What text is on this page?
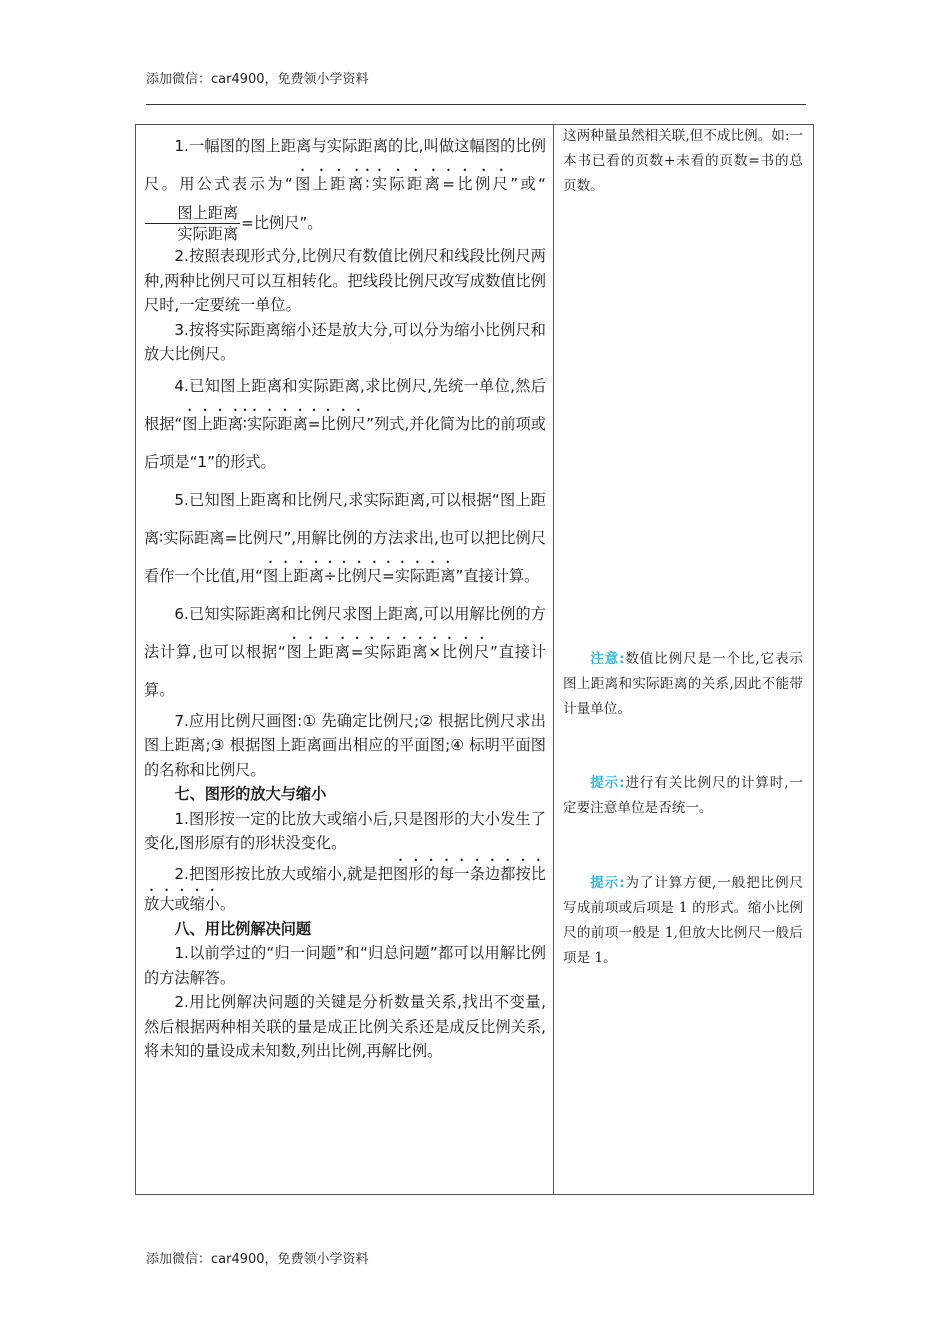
添加微信：car4900，免费领小学资料

1.一幅图的图上距离与实际距离的比,叫做这幅图的比例尺。用公式表示为“图上距离∶实际距离=比例尺”或“
$\frac{\text{图上距离}}{\text{实际距离}}$ =比例尺”。

2.按照表现形式分,比例尺有数值比例尺和线段比例尺两种,两种比例尺可以互相转化。把线段比例尺改写成数值比例尺时,一定要统一单位。

3.按将实际距离缩小还是放大分,可以分为缩小比例尺和放大比例尺。

4.已知图上距离和实际距离,求比例尺,先统一单位,然后根据“图上距离∶实际距离=比例尺”列式,并化简为比的前项或后项是“1”的形式。

5.已知图上距离和比例尺,求实际距离,可以根据“图上距离∶实际距离=比例尺”,用解比例的方法求出,也可以把比例尺看作一个比值,用“图上距离÷比例尺=实际距离”直接计算。

6.已知实际距离和比例尺求图上距离,可以用解比例的方法计算,也可以根据“图上距离=实际距离×比例尺”直接计算。

7.应用比例尺画图:① 先确定比例尺;② 根据比例尺求出图上距离;③ 根据图上距离画出相应的平面图;④ 标明平面图的名称和比例尺。

七、图形的放大与缩小

1.图形按一定的比放大或缩小后,只是图形的大小发生了变化,图形原有的形状没变化。

2.把图形按比放大或缩小,就是把图形的每一条边都按比放大或缩小。

八、用比例解决问题

1.以前学过的“归一问题”和“归总问题”都可以用解比例的方法解答。

2.用比例解决问题的关键是分析数量关系,找出不变量,然后根据两种相关联的量是成正比例关系还是成反比例关系,将未知的量设成未知数,列出比例,再解比例。

这两种量虽然相关联,但不成比例。如:一本书已看的页数+未看的页数=书的总页数。

注意:数值比例尺是一个比,它表示图上距离和实际距离的关系,因此不能带计量单位。

提示:进行有关比例尺的计算时,一定要注意单位是否统一。

提示:为了计算方便,一般把比例尺写成前项或后项是 1 的形式。缩小比例尺的前项一般是 1,但放大比例尺一般后项是 1。

添加微信：car4900，免费领小学资料
